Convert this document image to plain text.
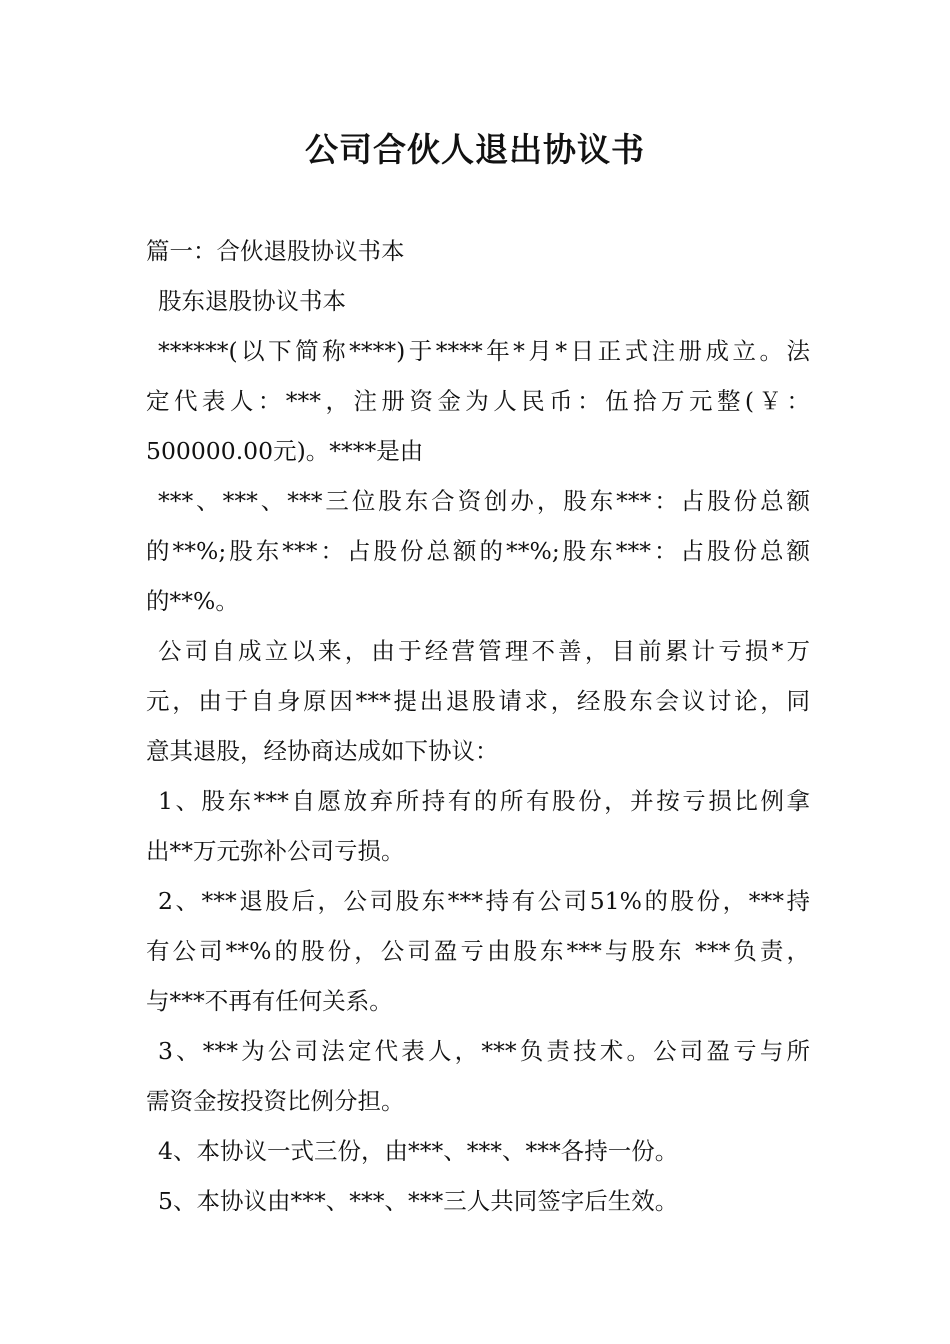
公司合伙人退出协议书
篇一：合伙退股协议书本
股东退股协议书本
******(以下简称****)于****年*月*日正式注册成立。法
定代表人：***，注册资金为人民币：伍拾万元整(￥：
500000.00元)。****是由
***、***、***三位股东合资创办，股东***：占股份总额
的**%;股东***：占股份总额的**%;股东***：占股份总额
的**%。
公司自成立以来，由于经营管理不善，目前累计亏损*万
元，由于自身原因***提出退股请求，经股东会议讨论，同
意其退股，经协商达成如下协议：
1、股东***自愿放弃所持有的所有股份，并按亏损比例拿
出**万元弥补公司亏损。
2、***退股后，公司股东***持有公司51%的股份，***持
有公司**%的股份，公司盈亏由股东***与股东 ***负责，
与***不再有任何关系。
3、***为公司法定代表人，***负责技术。公司盈亏与所
需资金按投资比例分担。
4、本协议一式三份，由***、***、***各持一份。
5、本协议由***、***、***三人共同签字后生效。
